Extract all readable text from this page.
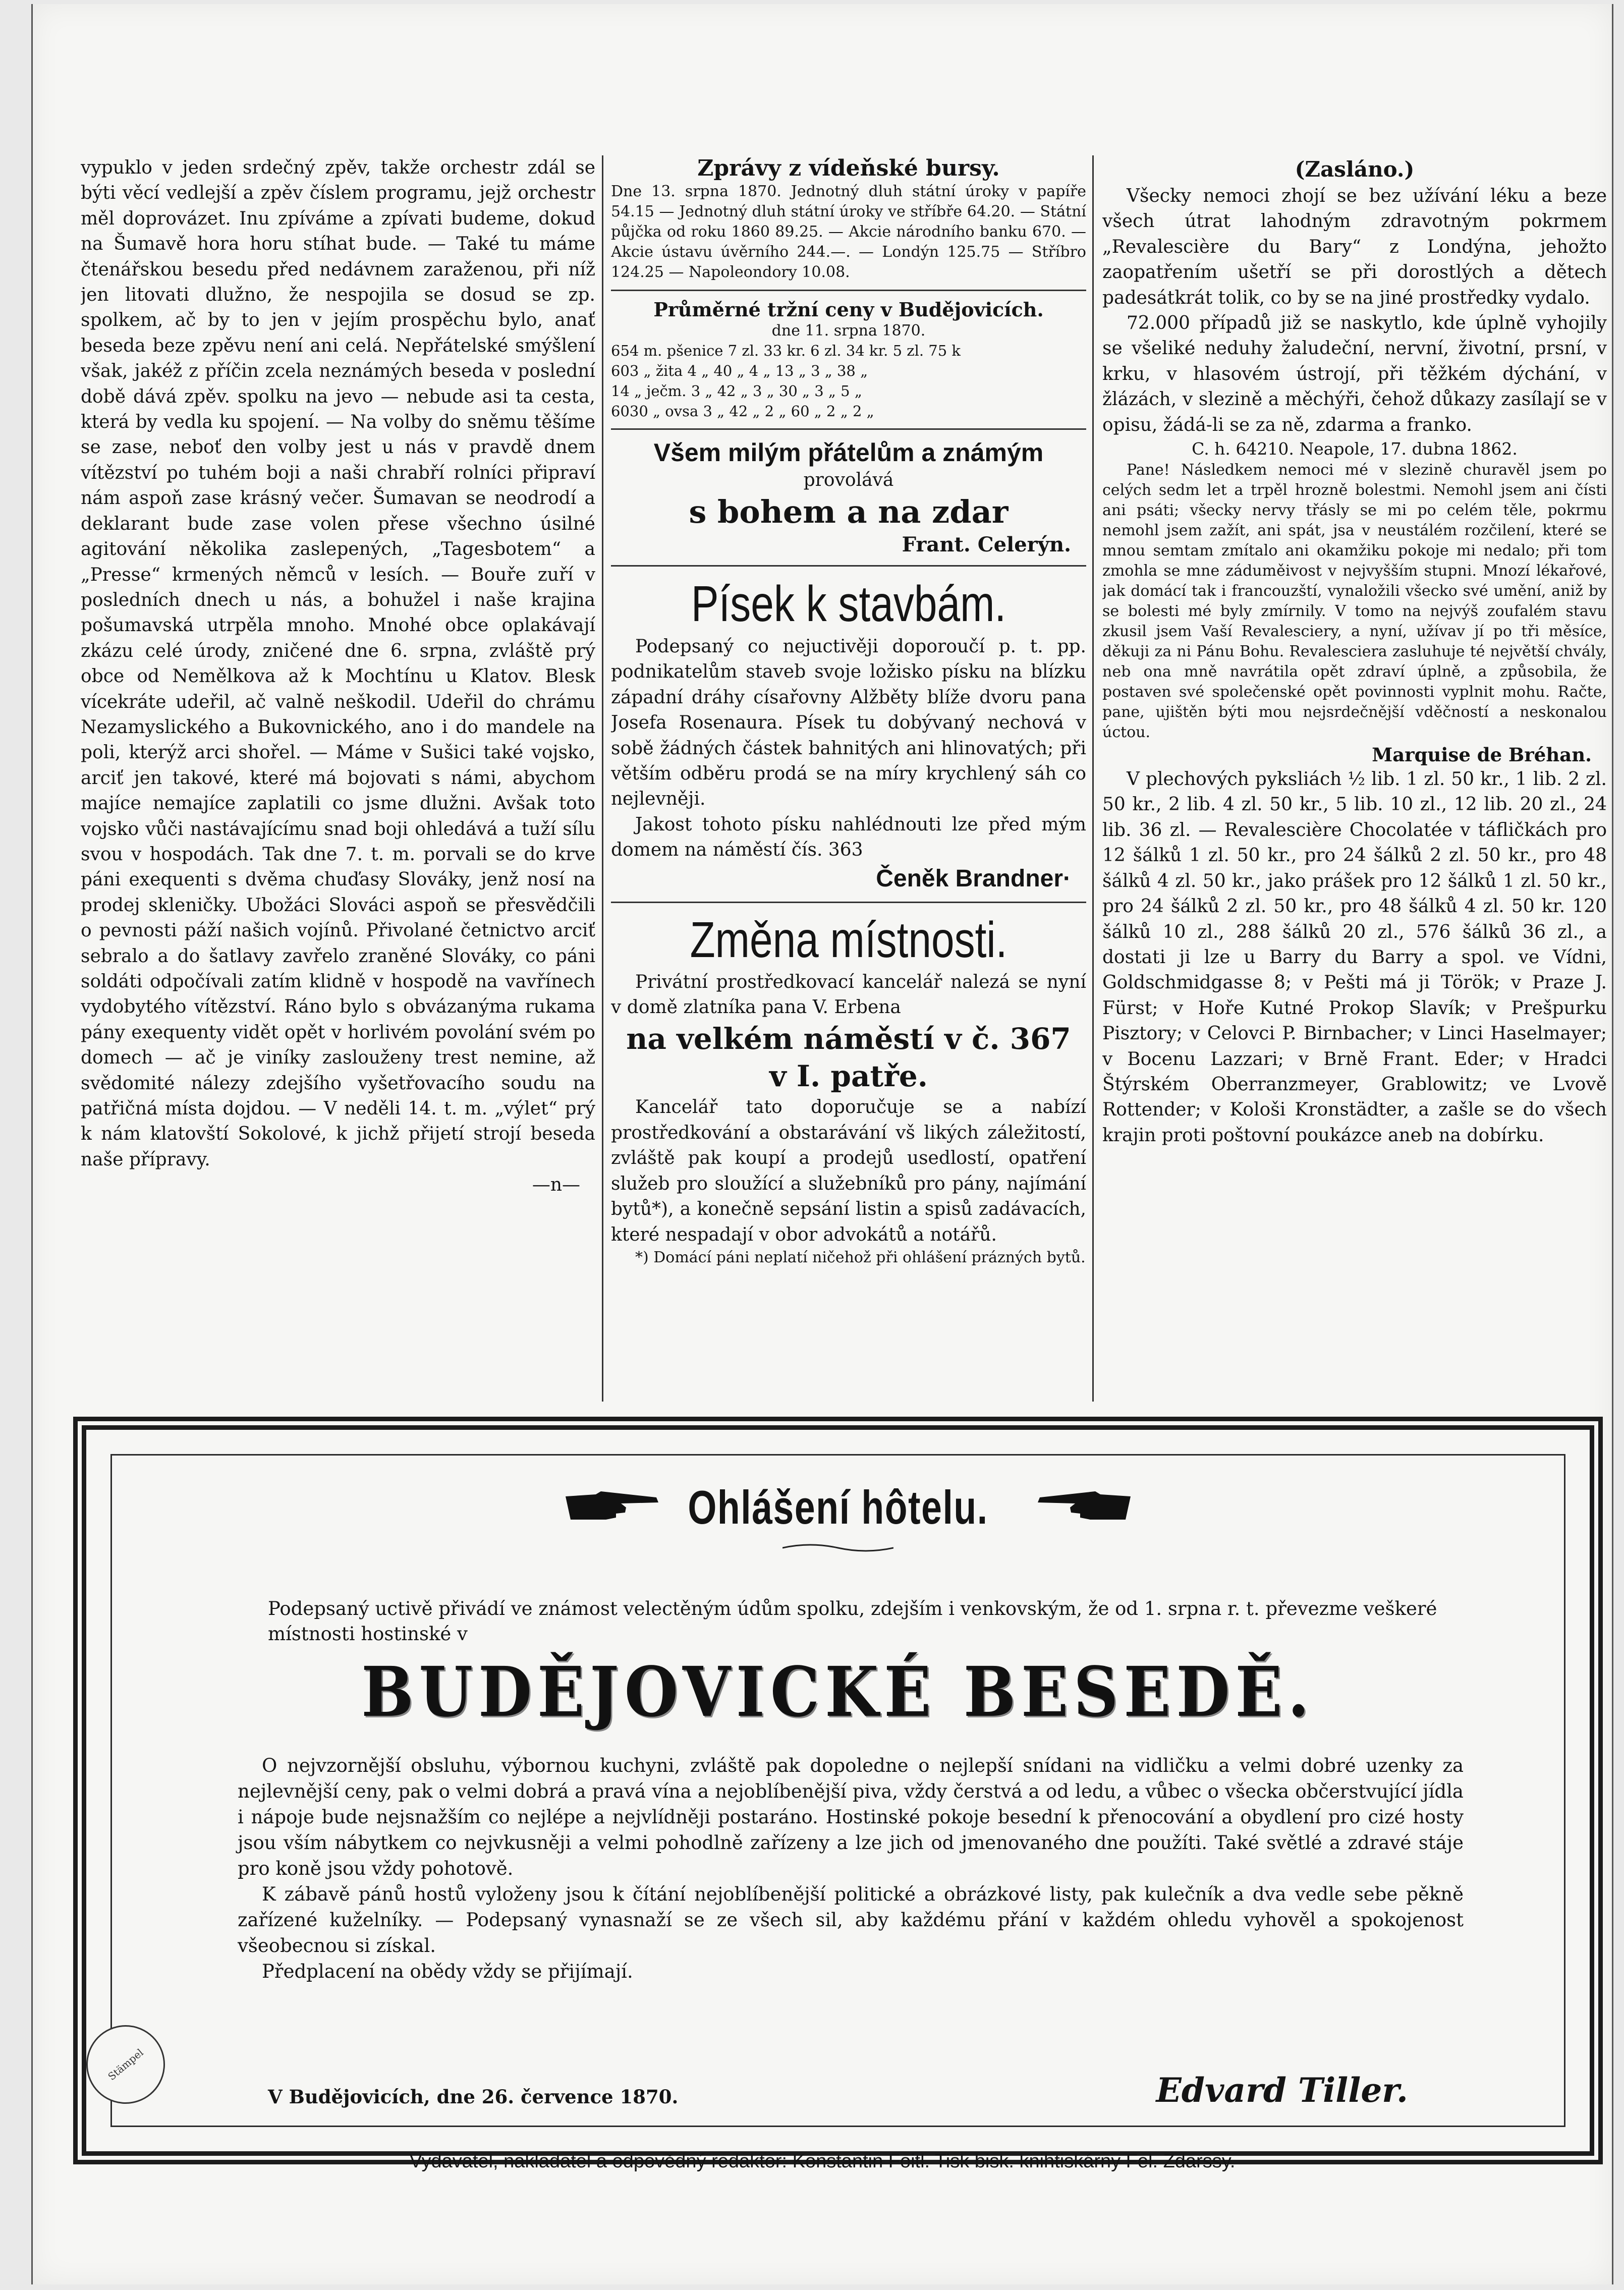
vypuklo v jeden srdečný zpěv, takže orchestr zdál se býti věcí vedlejší a zpěv číslem programu, jejž orchestr měl doprovázet. Inu zpíváme a zpívati budeme, dokud na Šumavě hora horu stíhat bude. — Také tu máme čtenářskou besedu před nedávnem zaraženou, při níž jen litovati dlužno, že nespojila se dosud se zp. spolkem, ač by to jen v jejím prospěchu bylo, anať beseda beze zpěvu není ani celá. Nepřátelské smýšlení však, jakéž z příčin zcela neznámých beseda v poslední době dává zpěv. spolku na jevo — nebude asi ta cesta, která by vedla ku spojení. — Na volby do sněmu těšíme se zase, neboť den volby jest u nás v pravdě dnem vítězství po tuhém boji a naši chrabří rolníci připraví nám aspoň zase krásný večer. Šumavan se neodrodí a deklarant bude zase volen přese všechno úsilné agitování několika zaslepených, „Tagesbotem“ a „Presse“ krmených němců v lesích. — Bouře zuří v posledních dnech u nás, a bohužel i naše krajina pošumavská utrpěla mnoho. Mnohé obce oplakávají zkázu celé úrody, zničené dne 6. srpna, zvláště prý obce od Nemělkova až k Mochtínu u Klatov. Blesk vícekráte udeřil, ač valně neškodil. Udeřil do chrámu Nezamyslického a Bukovnického, ano i do mandele na poli, kterýž arci shořel. — Máme v Sušici také vojsko, arciť jen takové, které má bojovati s námi, abychom majíce nemajíce zaplatili co jsme dlužni. Avšak toto vojsko vůči nastávajícímu snad boji ohledává a tuží sílu svou v hospodách. Tak dne 7. t. m. porvali se do krve páni exequenti s dvěma chuďasy Slováky, jenž nosí na prodej skleničky. Ubožáci Slováci aspoň se přesvědčili o pevnosti páží našich vojínů. Přivolané četnictvo arciť sebralo a do šatlavy zavřelo zraněné Slováky, co páni soldáti odpočívali zatím klidně v hospodě na vavřínech vydobytého vítězství. Ráno bylo s obvázanýma rukama pány exequenty vidět opět v horlivém povolání svém po domech — ač je viníky zaslouženy trest nemine, až svědomité nálezy zdejšího vyšetřovacího soudu na patřičná místa dojdou. — V neděli 14. t. m. „výlet“ prý k nám klatovští Sokolové, k jichž přijetí strojí beseda naše přípravy.

—n—

Zprávy z vídeňské bursy.

Dne 13. srpna 1870. Jednotný dluh státní úroky v papíře 54.15 — Jednotný dluh státní úroky ve stříbře 64.20. — Státní půjčka od roku 1860 89.25. — Akcie národního banku 670. — Akcie ústavu úvěrního 244.—. — Londýn 125.75 — Stříbro 124.25 — Napoleondory 10.08.

Průměrné tržní ceny v Budějovicích.

dne 11. srpna 1870.

654 m. pšenice 7 zl. 33 kr. 6 zl. 34 kr. 5 zl. 75 k

603 „ žita 4 „ 40 „ 4 „ 13 „ 3 „ 38 „

14 „ ječm. 3 „ 42 „ 3 „ 30 „ 3 „ 5 „

6030 „ ovsa 3 „ 42 „ 2 „ 60 „ 2 „ 2 „

Všem milým přátelům a známým

provolává

s bohem a na zdar

Frant. Celerýn.

Písek k stavbám.

Podepsaný co nejuctivěji doporoučí p. t. pp. podnikatelům staveb svoje ložisko písku na blízku západní dráhy císařovny Alžběty blíže dvoru pana Josefa Rosenaura. Písek tu dobývaný nechová v sobě žádných částek bahnitých ani hlinovatých; při větším odběru prodá se na míry krychlený sáh co nejlevněji.

Jakost tohoto písku nahlédnouti lze před mým domem na náměstí čís. 363

Čeněk Brandner·

Změna místnosti.

Privátní prostředkovací kancelář nalezá se nyní v domě zlatníka pana V. Erbena

na velkém náměstí v č. 367

v I. patře.

Kancelář tato doporučuje se a nabízí prostředkování a obstarávání vš likých záležitostí, zvláště pak koupí a prodejů usedlostí, opatření služeb pro sloužící a služebníků pro pány, najímání bytů*), a konečně sepsání listin a spisů zadávacích, které nespadají v obor advokátů a notářů.

*) Domácí páni neplatí ničehož při ohlášení prázných bytů.

(Zasláno.)

Všecky nemoci zhojí se bez užívání léku a beze všech útrat lahodným zdravotným pokrmem „Revalescière du Bary“ z Londýna, jehožto zaopatřením ušetří se při dorostlých a dětech padesátkrát tolik, co by se na jiné prostředky vydalo.

72.000 případů již se naskytlo, kde úplně vyhojily se všeliké neduhy žaludeční, nervní, životní, prsní, v krku, v hlasovém ústrojí, při těžkém dýchání, v žlázách, v slezině a měchýři, čehož důkazy zasílají se v opisu, žádá-li se za ně, zdarma a franko.

C. h. 64210. Neapole, 17. dubna 1862.

Pane! Následkem nemoci mé v slezině churavěl jsem po celých sedm let a trpěl hrozně bolestmi. Nemohl jsem ani čísti ani psáti; všecky nervy třásly se mi po celém těle, pokrmu nemohl jsem zažít, ani spát, jsa v neustálém rozčilení, které se mnou semtam zmítalo ani okamžiku pokoje mi nedalo; při tom zmohla se mne záduměivost v nejvyšším stupni. Mnozí lékařové, jak domácí tak i francouzští, vynaložili všecko své umění, aniž by se bolesti mé byly zmírnily. V tomo na nejvýš zoufalém stavu zkusil jsem Vaší Revalesciery, a nyní, užívav jí po tři měsíce, děkuji za ni Pánu Bohu. Revalesciera zasluhuje té největší chvály, neb ona mně navrátila opět zdraví úplně, a způsobila, že postaven své společenské opět povinnosti vyplnit mohu. Račte, pane, ujištěn býti mou nejsrdečnější vděčností a neskonalou úctou.

Marquise de Bréhan.

V plechových pyksliách ½ lib. 1 zl. 50 kr., 1 lib. 2 zl. 50 kr., 2 lib. 4 zl. 50 kr., 5 lib. 10 zl., 12 lib. 20 zl., 24 lib. 36 zl. — Revalescière Chocolatée v táfličkách pro 12 šálků 1 zl. 50 kr., pro 24 šálků 2 zl. 50 kr., pro 48 šálků 4 zl. 50 kr., jako prášek pro 12 šálků 1 zl. 50 kr., pro 24 šálků 2 zl. 50 kr., pro 48 šálků 4 zl. 50 kr. 120 šálků 10 zl., 288 šálků 20 zl., 576 šálků 36 zl., a dostati ji lze u Barry du Barry a spol. ve Vídni, Goldschmidgasse 8; v Pešti má ji Török; v Praze J. Fürst; v Hoře Kutné Prokop Slavík; v Prešpurku Pisztory; v Celovci P. Birnbacher; v Linci Haselmayer; v Bocenu Lazzari; v Brně Frant. Eder; v Hradci Štýrském Oberranzmeyer, Grablowitz; ve Lvově Rottender; v Kološi Kronstädter, a zašle se do všech krajin proti poštovní poukázce aneb na dobírku.

Ohlášení hôtelu.

Podepsaný uctivě přivádí ve známost velectěným údům spolku, zdejším i venkovským, že od 1. srpna r. t. převezme veškeré místnosti hostinské v

BUDĚJOVICKÉ BESEDĚ.

O nejvzornější obsluhu, výbornou kuchyni, zvláště pak dopoledne o nejlepší snídani na vidličku a velmi dobré uzenky za nejlevnější ceny, pak o velmi dobrá a pravá vína a nejoblíbenější piva, vždy čerstvá a od ledu, a vůbec o všecka občerstvující jídla i nápoje bude nejsnažším co nejlépe a nejvlídněji postaráno. Hostinské pokoje besední k přenocování a obydlení pro cizé hosty jsou vším nábytkem co nejvkusněji a velmi pohodlně zařízeny a lze jich od jmenovaného dne použíti. Také světlé a zdravé stáje pro koně jsou vždy pohotově.

K zábavě pánů hostů vyloženy jsou k čítání nejoblíbenější politické a obrázkové listy, pak kulečník a dva vedle sebe pěkně zařízené kuželníky. — Podepsaný vynasnaží se ze všech sil, aby každému přání v každém ohledu vyhověl a spokojenost všeobecnou si získal.

Předplacení na obědy vždy se přijímají.

Stämpel
V Budějovicích, dne 26. července 1870.	Edvard Tiller.
Vydavatel, nakladatel a odpovědný redaktor: Konstantin Foitl. Tisk bisk. knihtiskárny Fel. Zdarssy.
